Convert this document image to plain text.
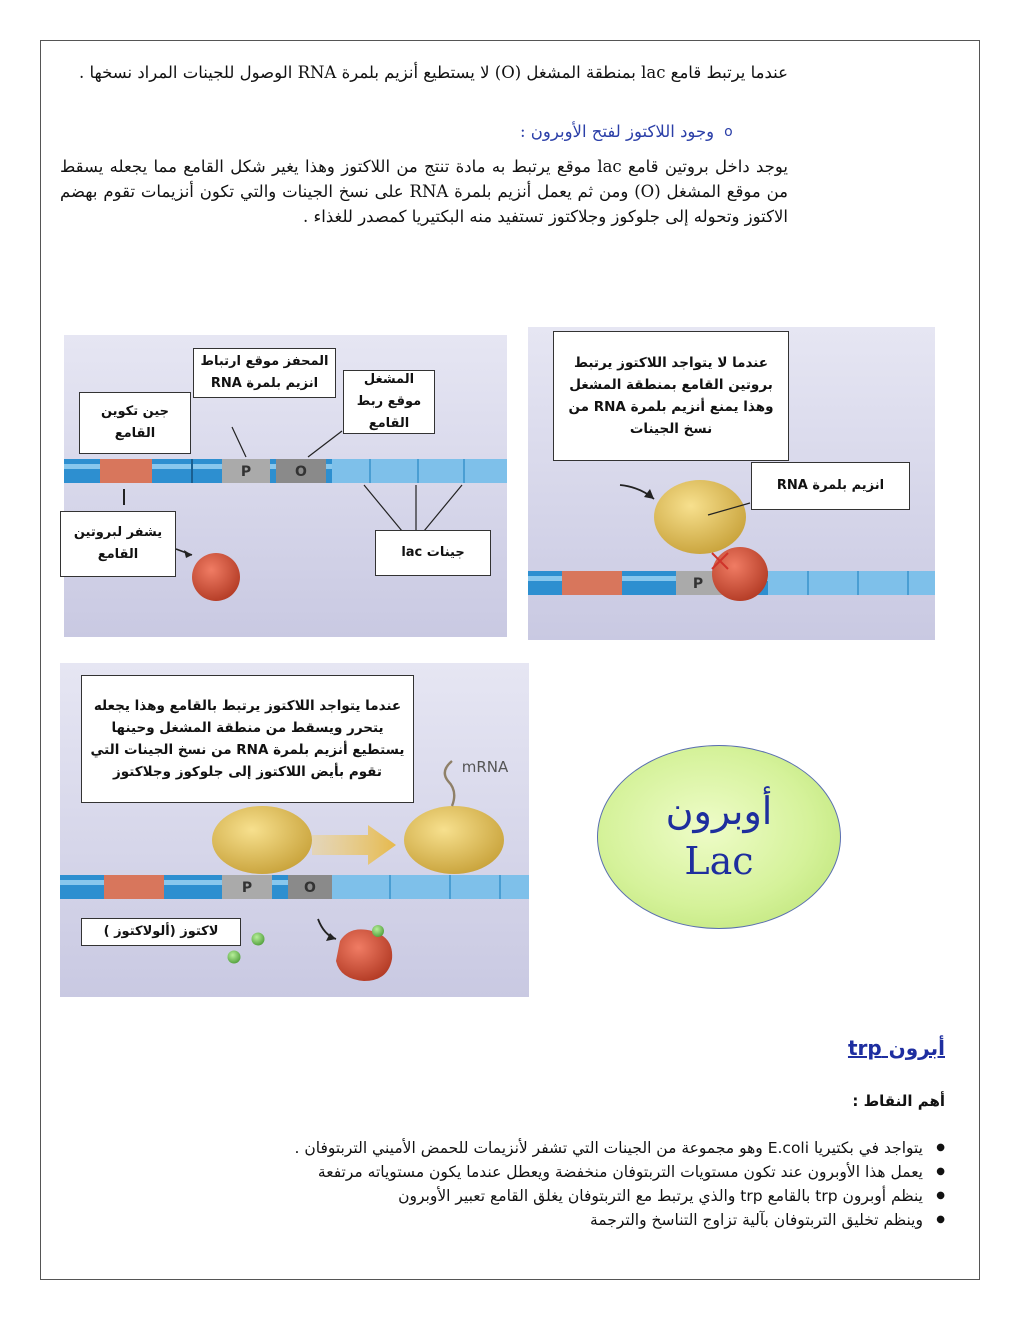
عندما يرتبط قامع lac بمنطقة المشغل (O) لا يستطيع أنزيم بلمرة RNA الوصول للجينات المراد نسخها .
o
وجود اللاكتوز لفتح الأوبرون :
يوجد داخل بروتين قامع lac موقع يرتبط به مادة تنتج من اللاكتوز وهذا يغير شكل القامع مما يجعله يسقط من موقع المشغل (O) ومن ثم يعمل أنزيم بلمرة RNA على نسخ الجينات والتي تكون أنزيمات تقوم بهضم الاكتوز وتحوله إلى جلوكوز وجلاكتوز تستفيد منه البكتيريا كمصدر للغذاء .
P	O
المحفز موقع ارتباط انزيم بلمرة RNA	المشغل موقع ربط القامع
جين تكوين القامع
يشفر لبروتين القامع	جينات lac
P
عندما لا يتواجد اللاكتوز يرتبط بروتين القامع بمنطقة المشغل وهذا يمنع أنزيم بلمرة RNA من نسخ الجينات
انزيم بلمرة RNA
P	O
mRNA
عندما يتواجد اللاكتوز يرتبط بالقامع وهذا يجعله يتحرر ويسقط من منطقة المشغل وحينها يستطيع أنزيم بلمرة RNA من نسخ الجينات التي تقوم بأيض اللاكتوز إلى جلوكوز وجلاكتوز
لاكتوز (ألولاكتوز )
أوبرون
Lac
أبرون trp
أهم النقاط :
● يتواجد في بكتيريا E.coli وهو مجموعة من الجينات التي تشفر لأنزيمات للحمض الأميني التربتوفان .
● يعمل هذا الأوبرون عند تكون مستويات التربتوفان منخفضة ويعطل عندما يكون مستوياته مرتفعة
● ينظم أوبرون trp بالقامع trp والذي يرتبط مع التربتوفان يغلق القامع تعبير الأوبرون
● وينظم تخليق التربتوفان بآلية تزاوج التناسخ والترجمة
